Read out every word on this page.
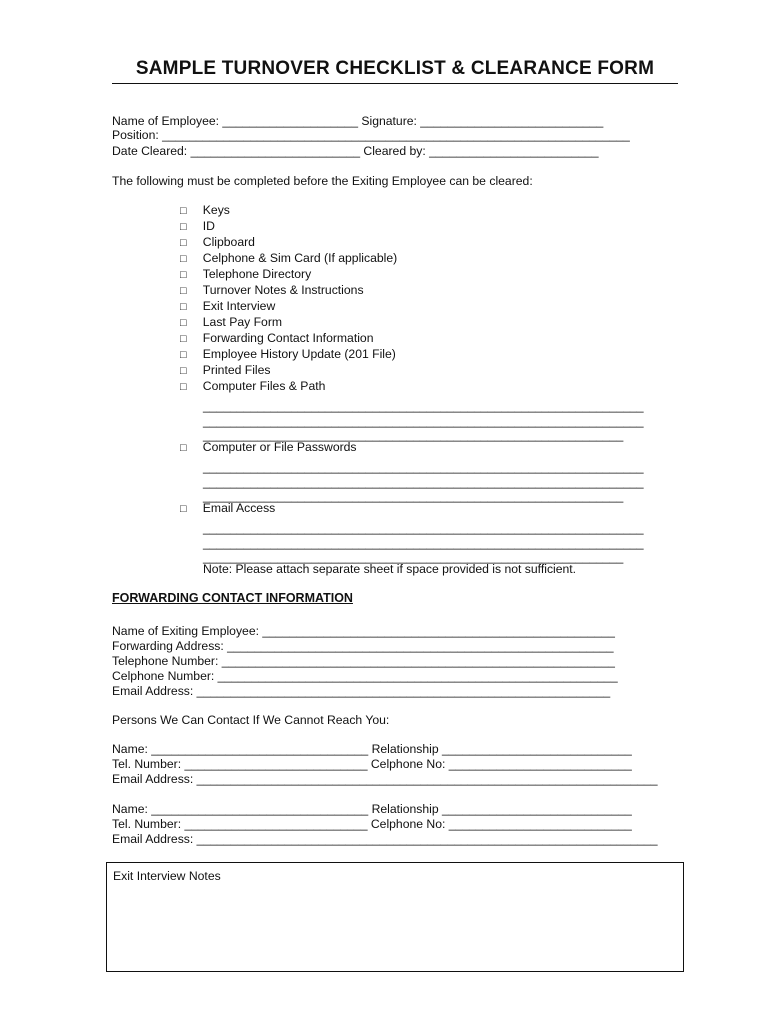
SAMPLE TURNOVER CHECKLIST & CLEARANCE FORM
Name of Employee: ____________________ Signature: ___________________________
Position: _____________________________________________________________________
Date Cleared: _________________________ Cleared by: _________________________
The following must be completed before the Exiting Employee can be cleared:
□ Keys
□ ID
□ Clipboard
□ Celphone & Sim Card (If applicable)
□ Telephone Directory
□ Turnover Notes & Instructions
□ Exit Interview
□ Last Pay Form
□ Forwarding Contact Information
□ Employee History Update (201 File)
□ Printed Files
□ Computer Files & Path
_________________________________________________________________
_________________________________________________________________
______________________________________________________________
□ Computer or File Passwords
_________________________________________________________________
_________________________________________________________________
______________________________________________________________
□ Email Access
_________________________________________________________________
_________________________________________________________________
______________________________________________________________
Note: Please attach separate sheet if space provided is not sufficient.
FORWARDING CONTACT INFORMATION
Name of Exiting Employee: ____________________________________________________
Forwarding Address: _________________________________________________________
Telephone Number: __________________________________________________________
Celphone Number: ___________________________________________________________
Email Address: _____________________________________________________________
Persons We Can Contact If We Cannot Reach You:
Name: ________________________________ Relationship ____________________________
Tel. Number: ___________________________ Celphone No: ___________________________
Email Address: ____________________________________________________________________
Name: ________________________________ Relationship ____________________________
Tel. Number: ___________________________ Celphone No: ___________________________
Email Address: ____________________________________________________________________
Exit Interview Notes
